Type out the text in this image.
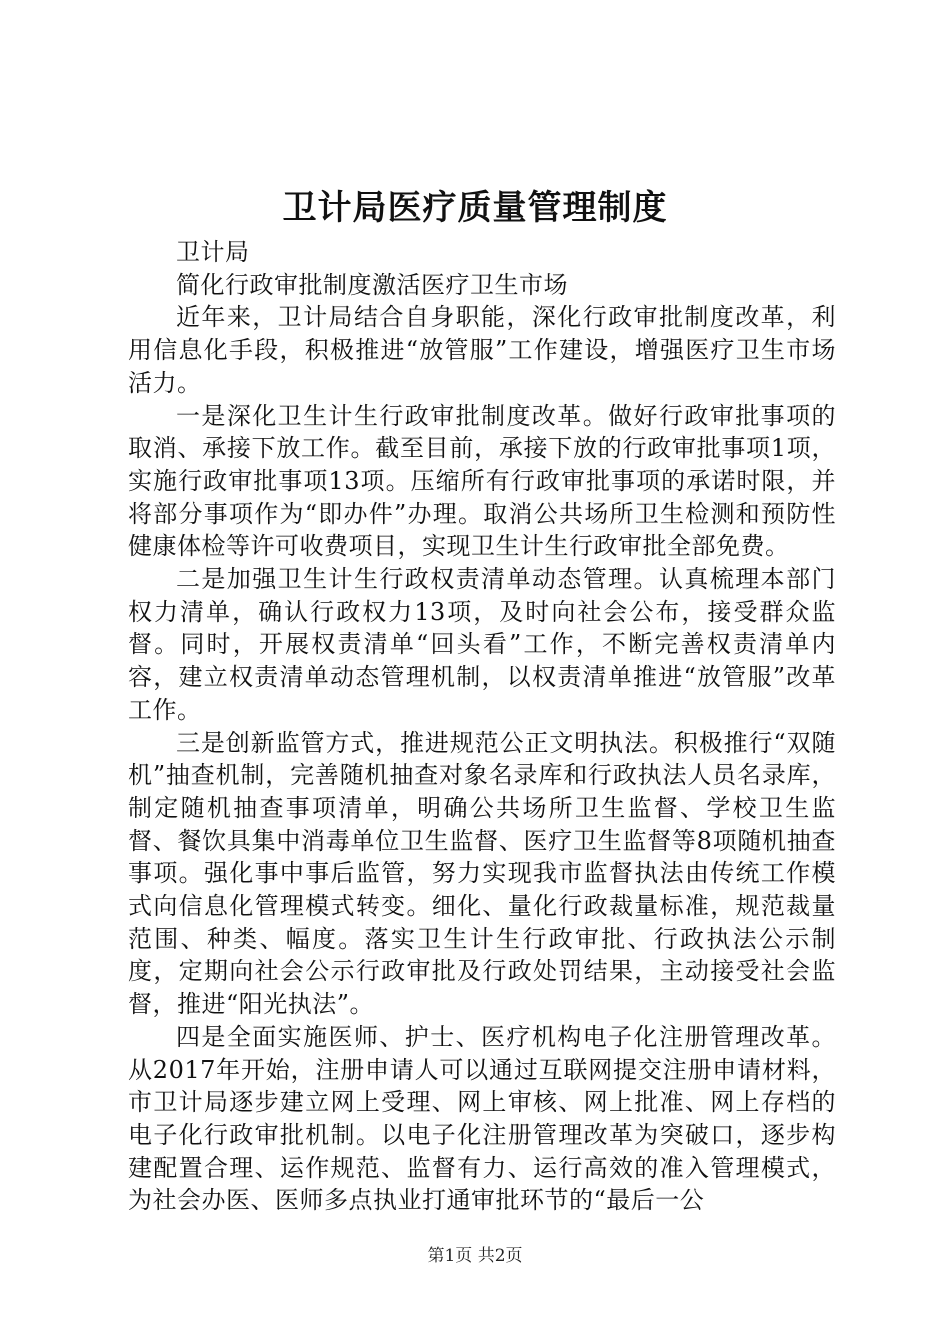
卫计局医疗质量管理制度

卫计局

简化行政审批制度激活医疗卫生市场

近年来，卫计局结合自身职能，深化行政审批制度改革，利用信息化手段，积极推进“放管服”工作建设，增强医疗卫生市场活力。

一是深化卫生计生行政审批制度改革。做好行政审批事项的取消、承接下放工作。截至目前，承接下放的行政审批事项1项，实施行政审批事项13项。压缩所有行政审批事项的承诺时限，并将部分事项作为“即办件”办理。取消公共场所卫生检测和预防性健康体检等许可收费项目，实现卫生计生行政审批全部免费。

二是加强卫生计生行政权责清单动态管理。认真梳理本部门权力清单，确认行政权力13项，及时向社会公布，接受群众监督。同时，开展权责清单“回头看”工作，不断完善权责清单内容，建立权责清单动态管理机制，以权责清单推进“放管服”改革工作。

三是创新监管方式，推进规范公正文明执法。积极推行“双随机”抽查机制，完善随机抽查对象名录库和行政执法人员名录库，制定随机抽查事项清单，明确公共场所卫生监督、学校卫生监督、餐饮具集中消毒单位卫生监督、医疗卫生监督等8项随机抽查事项。强化事中事后监管，努力实现我市监督执法由传统工作模式向信息化管理模式转变。细化、量化行政裁量标准，规范裁量范围、种类、幅度。落实卫生计生行政审批、行政执法公示制度，定期向社会公示行政审批及行政处罚结果，主动接受社会监督，推进“阳光执法”。

四是全面实施医师、护士、医疗机构电子化注册管理改革。从2017年开始，注册申请人可以通过互联网提交注册申请材料，市卫计局逐步建立网上受理、网上审核、网上批准、网上存档的电子化行政审批机制。以电子化注册管理改革为突破口，逐步构建配置合理、运作规范、监督有力、运行高效的准入管理模式，为社会办医、医师多点执业打通审批环节的“最后一公

第1页 共2页
